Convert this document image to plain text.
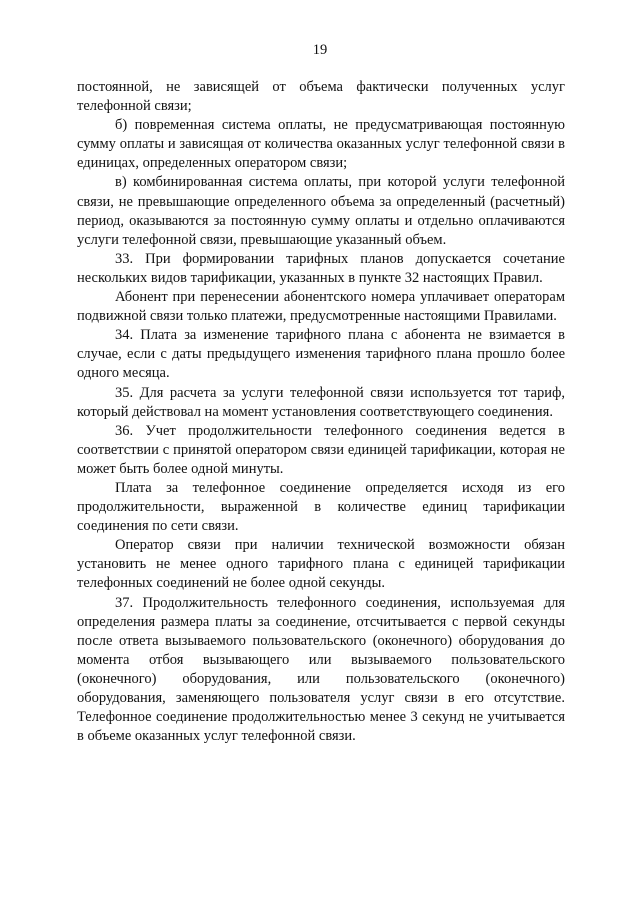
19

постоянной, не зависящей от объема фактически полученных услуг телефонной связи;

б) повременная система оплаты, не предусматривающая постоянную сумму оплаты и зависящая от количества оказанных услуг телефонной связи в единицах, определенных оператором связи;

в) комбинированная система оплаты, при которой услуги телефонной связи, не превышающие определенного объема за определенный (расчетный) период, оказываются за постоянную сумму оплаты и отдельно оплачиваются услуги телефонной связи, превышающие указанный объем.

33. При формировании тарифных планов допускается сочетание нескольких видов тарификации, указанных в пункте 32 настоящих Правил.

Абонент при перенесении абонентского номера уплачивает операторам подвижной связи только платежи, предусмотренные настоящими Правилами.

34. Плата за изменение тарифного плана с абонента не взимается в случае, если с даты предыдущего изменения тарифного плана прошло более одного месяца.

35. Для расчета за услуги телефонной связи используется тот тариф, который действовал на момент установления соответствующего соединения.

36. Учет продолжительности телефонного соединения ведется в соответствии с принятой оператором связи единицей тарификации, которая не может быть более одной минуты.

Плата за телефонное соединение определяется исходя из его продолжительности, выраженной в количестве единиц тарификации соединения по сети связи.

Оператор связи при наличии технической возможности обязан установить не менее одного тарифного плана с единицей тарификации телефонных соединений не более одной секунды.

37. Продолжительность телефонного соединения, используемая для определения размера платы за соединение, отсчитывается с первой секунды после ответа вызываемого пользовательского (оконечного) оборудования до момента отбоя вызывающего или вызываемого пользовательского (оконечного) оборудования, или пользовательского (оконечного) оборудования, заменяющего пользователя услуг связи в его отсутствие. Телефонное соединение продолжительностью менее 3 секунд не учитывается в объеме оказанных услуг телефонной связи.
